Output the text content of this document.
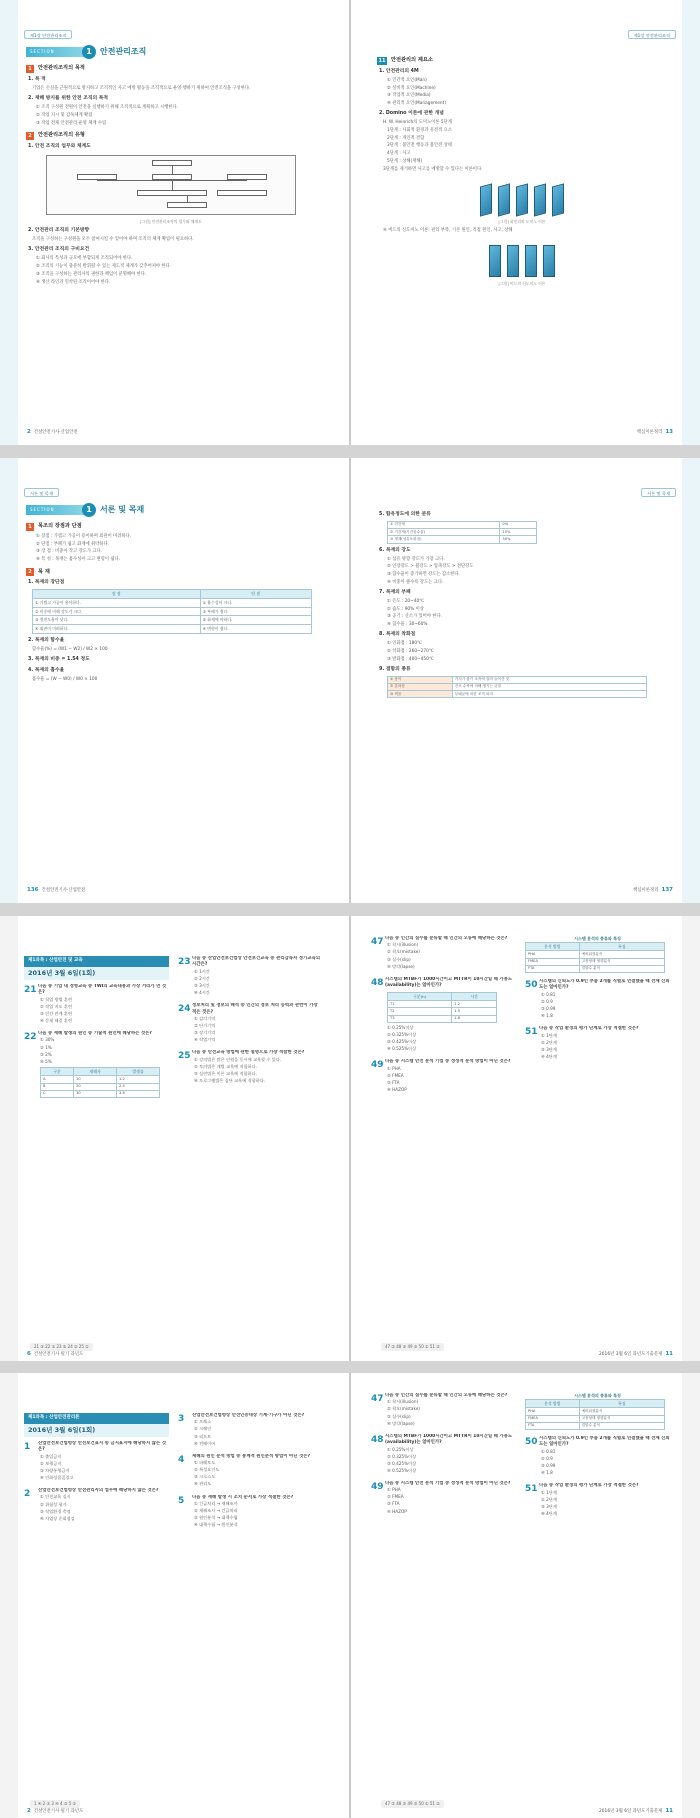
제1장 안전관리조직
SECTION	1	안전관리조직
1	안전관리조직의 목적
1. 목 적
기업은 손실을 근원적으로 방지하고 조직적인 사고 예방 활동을 조직적으로 운영·행하기 위하여 안전조직을 구성한다.
2. 재해 방지를 위한 안전 조직의 목적
① 조직 구성원 전원이 안전을 실행하기 위해 조직적으로 계획하고 시행한다.
② 작업 지시 및 감독체계 확립
③ 작업 전체 안전관리 운영 체계 수립
2	안전관리조직의 유형
1. 안전 조직의 업무와 체계도
[그림] 안전관리조직의 업무와 체계도
2. 안전관리 조직의 기본방향
조직을 구성하는 구성원을 모두 참여시킬 수 있어야 하며 조직의 체계 확립이 필요하다.
3. 안전관리 조직의 구비요건
① 회사의 특성과 규모에 부합되게 조직되어야 한다.
② 조직의 기능이 충분히 발휘될 수 있는 제도적 체계가 갖추어져야 한다.
③ 조직을 구성하는 관리자의 권한과 책임이 분명해야 한다.
④ 생산 라인과 밀착된 조직이어야 한다.
2 건설안전기사·산업안전
제1장 안전관리조직
11 안전관리의 제요소
1. 안전관리의 4M
① 인간적 요인(Man)
② 설비적 요인(Machine)
③ 작업적 요인(Media)
④ 관리적 요인(Management)
2. Domino 이론에 관한 개념
H. W. Heinrich의 도미노이론 5단계
1단계 : 사회적 환경과 유전적 요소
2단계 : 개인적 결함
3단계 : 불안전 행동과 불안전 상태
4단계 : 사고
5단계 : 상해(재해)
3단계를 제거하면 사고를 예방할 수 있다는 이론이다.
[그림] 하인리히 도미노 이론
④ 버드의 신도미노 이론: 관리 부족, 기본 원인, 직접 원인, 사고, 상해
[그림] 버드의 신도미노 이론
핵심이론정리 13
서론 및 목재
SECTION	1	서론 및 목재
1	목조의 장점과 단점
① 장점 : 가볍고 가공이 용이하며 외관이 미려하다.
② 단점 : 부패가 쉽고 화재에 취약하다.
③ 장 점 : 비중이 작고 강도가 크다.
④ 특 성 : 목재는 흡수성이 크고 변형이 쉽다.
2	목 재
1. 목재의 장단점
장 점	단 점
① 가볍고 가공이 용이하다.	① 흡수성이 크다.
② 비중에 비해 강도가 크다.	② 부패가 쉽다.
③ 열전도율이 낮다.	③ 화재에 약하다.
④ 외관이 미려하다.	④ 변형이 쉽다.
2. 목재의 함수율
함수율(%) = (W1 − W2) / W2 × 100
3. 목재의 비중 = 1.54 정도
4. 목재의 흡수율
흡수율 = (W − W0) / W0 × 100
136 건설안전기사·산업안전
서론 및 목재
5. 함유정도에 의한 분류
① 전건재	0%
② 기건재(기건함수율)	15%
③ 생재(섬유포화점)	30%
6. 목재의 강도
① 섬유 방향 강도가 가장 크다.
② 인장강도 > 휨강도 > 압축강도 > 전단강도
③ 함수율이 증가하면 강도는 감소한다.
④ 비중이 클수록 강도는 크다.
7. 목재의 부패
① 온도 : 20~40℃
② 습도 : 90% 이상
③ 공기 : 산소가 있어야 한다.
④ 함수율 : 30~60%
8. 목재의 착화점
① 인화점 : 180℃
② 착화점 : 260~270℃
③ 발화점 : 400~450℃
9. 결함의 종류
① 옹이	가지가 줄기 조직에 말려 들어간 것
② 갈라짐	건조 수축에 의해 생기는 균열
③ 썩음	부패균에 의한 조직 파괴
핵심이론정리 137
제1과목 : 산업안전 및 교육
2016년 3월 6일(1회)
21 다음 중 기업 내 정형교육 중 TWI의 교육내용과 가장 거리가 먼 것은?
① 작업 방법 훈련
② 작업 지도 훈련
③ 인간 관계 훈련
④ 문제 해결 훈련
22 다음 중 재해 발생의 원인 중 기술적 원인에 해당하는 것은?
① 30%
② 1%
③ 2%
④ 5%
구분	재해자	발생률
A	10	1.2
B	20	2.4
C	30	3.6
23 다음 중 산업안전보건법상 안전보건교육 중 관리감독자 정기교육의 시간은?
① 1시간
② 2시간
③ 3시간
④ 4시간
24 정보처리 및 정보의 해석 중 인간의 정보 처리 능력과 관련이 가장 적은 것은?
① 감각기억
② 단기기억
③ 장기기억
④ 작업기억
25 다음 중 안전교육 방법에 관한 설명으로 가장 적합한 것은?
① 강의법은 많은 인원을 동시에 교육할 수 있다.
② 토의법은 개별 교육에 적합하다.
③ 실연법은 이론 교육에 적합하다.
④ 프로그램법은 집단 교육에 적합하다.
21 ③ 22 ① 23 ② 24 ② 25 ①
6 건설안전기사 필기 과년도
47 다음 중 인간의 실수를 분류할 때 인간의 오류에 해당하는 것은?
① 착시(illusion)
② 착오(mistake)
③ 실수(slip)
④ 망각(lapse)
48 시스템의 MTBF가 1000시간이고 MTTR이 10시간일 때 가용도(availability)는 얼마인가?
구분(h)	시간
T1	1.2
T2	1.5
T3	1.8
① 0.25%이상
② 0.325%이상
③ 0.425%이상
④ 0.525%이상
49 다음 중 시스템 안전 분석 기법 중 정성적 분석 방법이 아닌 것은?
① PHA
② FMEA
③ FTA
④ HAZOP
시스템 분석의 종류와 특징
분석 방법	특징
PHA	예비위험분석
FMEA	고장형태 영향분석
FTA	결함수 분석
50 시스템의 신뢰도가 0.9인 부품 2개를 직렬로 연결했을 때 전체 신뢰도는 얼마인가?
① 0.81
② 0.9
③ 0.99
④ 1.8
51 다음 중 작업 환경의 평가 단계로 가장 적절한 것은?
① 1단계
② 2단계
③ 3단계
④ 4단계
47 ② 48 ③ 49 ③ 50 ① 51 ②
2016년 3월 6일 과년도기출문제 11
제1과목 : 산업안전관리론
2016년 3월 6일(1회)
1	산업안전보건법령상 안전보건표지 중 금지표지에 해당하지 않는 것은?
① 출입금지
② 보행금지
③ 차량통행금지
④ 인화성물질경고
2	산업안전보건법령상 안전관리자의 업무에 해당하지 않는 것은?
① 안전교육 실시
② 위험성 평가
③ 작업환경 측정
④ 사업장 순회점검
3	산업안전보건법령상 안전인증대상 기계·기구가 아닌 것은?
① 프레스
② 크레인
③ 리프트
④ 컨베이어
4	재해의 원인 분석 방법 중 통계적 원인분석 방법이 아닌 것은?
① 파레토도
② 특성요인도
③ 크로스도
④ 관리도
5	다음 중 재해 발생 시 조치 순서로 가장 적절한 것은?
① 긴급처리 → 재해조사
② 재해조사 → 긴급처리
③ 원인분석 → 대책수립
④ 대책수립 → 원인분석
1 ④ 2 ③ 3 ④ 4 ③ 5 ①
2 건설안전기사 필기 과년도
47 다음 중 인간의 실수를 분류할 때 인간의 오류에 해당하는 것은?
① 착시(illusion)
② 착오(mistake)
③ 실수(slip)
④ 망각(lapse)
48 시스템의 MTBF가 1000시간이고 MTTR이 10시간일 때 가용도(availability)는 얼마인가?
① 0.25%이상
② 0.325%이상
③ 0.425%이상
④ 0.525%이상
49 다음 중 시스템 안전 분석 기법 중 정성적 분석 방법이 아닌 것은?
① PHA
② FMEA
③ FTA
④ HAZOP
시스템 분석의 종류와 특징
분석 방법	특징
PHA	예비위험분석
FMEA	고장형태 영향분석
FTA	결함수 분석
50 시스템의 신뢰도가 0.9인 부품 2개를 직렬로 연결했을 때 전체 신뢰도는 얼마인가?
① 0.81
② 0.9
③ 0.99
④ 1.8
51 다음 중 작업 환경의 평가 단계로 가장 적절한 것은?
① 1단계
② 2단계
③ 3단계
④ 4단계
47 ② 48 ③ 49 ③ 50 ① 51 ②
2016년 3월 6일 과년도기출문제 11
